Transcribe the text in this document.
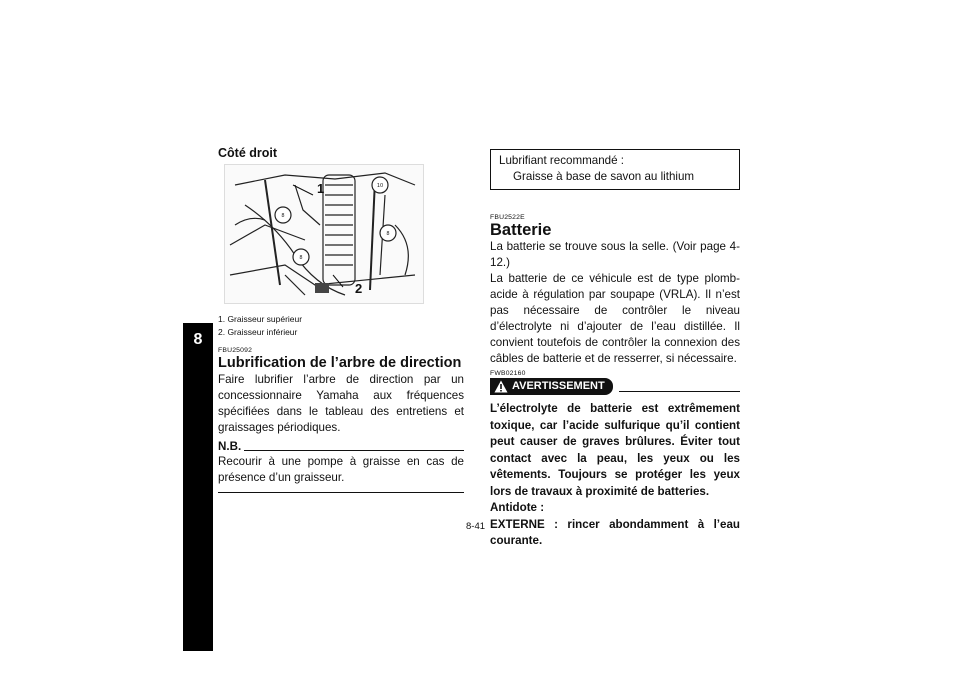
8
Côté droit
8
8
10
8
1
2
1. Graisseur supérieur
2. Graisseur inférieur
FBU25092
Lubrification de l’arbre de direction
Faire lubrifier l’arbre de direction par un concessionnaire Yamaha aux fréquences spécifiées dans le tableau des entretiens et graissages périodiques.
N.B.
Recourir à une pompe à graisse en cas de présence d’un graisseur.
Lubrifiant recommandé :
Graisse à base de savon au lithium
FBU2522E
Batterie
La batterie se trouve sous la selle. (Voir page 4-12.)
La batterie de ce véhicule est de type plomb-acide à régulation par soupape (VRLA). Il n’est pas nécessaire de contrôler le niveau d’électrolyte ni d’ajouter de l’eau distillée. Il convient toutefois de contrôler la connexion des câbles de batterie et de resserrer, si nécessaire.
FWB02160
AVERTISSEMENT
L’électrolyte de batterie est extrêmement toxique, car l’acide sulfurique qu’il contient peut causer de graves brûlures. Éviter tout contact avec la peau, les yeux ou les vêtements. Toujours se protéger les yeux lors de travaux à proximité de batteries.
Antidote :
EXTERNE : rincer abondamment à l’eau courante.
8-41
